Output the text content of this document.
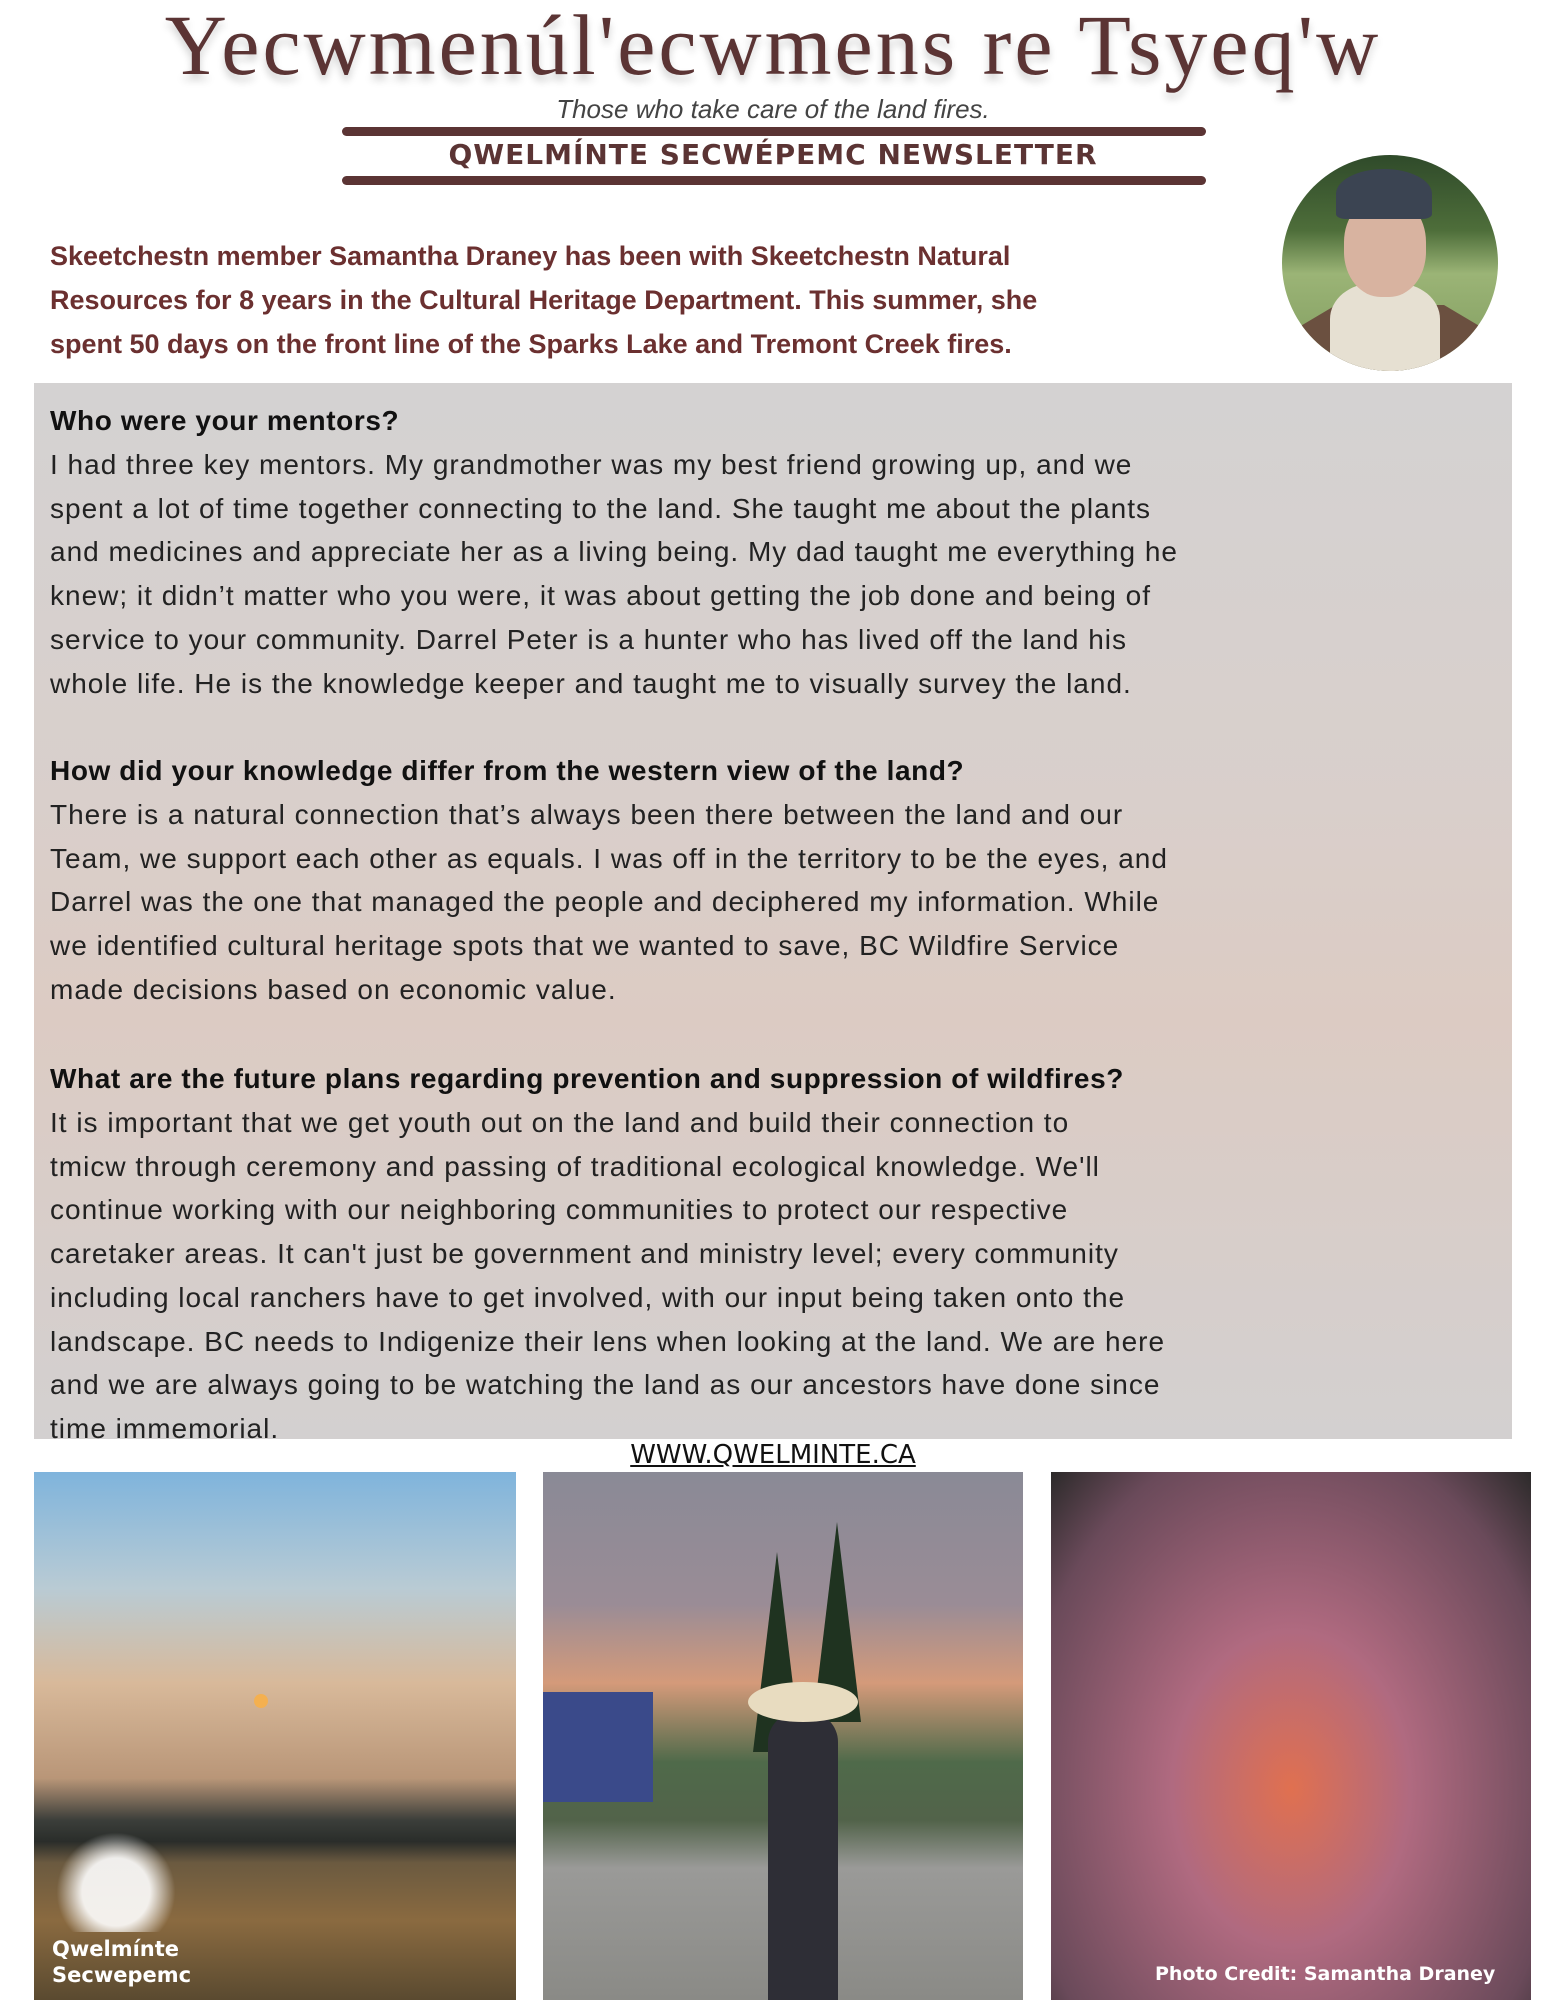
Yecwmenúl'ecwmens re Tsyeq'w
Those who take care of the land fires.
QWELMÍNTE SECWÉPEMC NEWSLETTER
Skeetchestn member Samantha Draney has been with Skeetchestn Natural
Resources for 8 years in the Cultural Heritage Department. This summer, she
spent 50 days on the front line of the Sparks Lake and Tremont Creek fires.
Who were your mentors?
I had three key mentors. My grandmother was my best friend growing up, and we
spent a lot of time together connecting to the land. She taught me about the plants
and medicines and appreciate her as a living being. My dad taught me everything he
knew; it didn’t matter who you were, it was about getting the job done and being of
service to your community. Darrel Peter is a hunter who has lived off the land his
whole life. He is the knowledge keeper and taught me to visually survey the land.
How did your knowledge differ from the western view of the land?
There is a natural connection that’s always been there between the land and our
Team, we support each other as equals. I was off in the territory to be the eyes, and
Darrel was the one that managed the people and deciphered my information. While
we identified cultural heritage spots that we wanted to save, BC Wildfire Service
made decisions based on economic value.
What are the future plans regarding prevention and suppression of wildfires?
It is important that we get youth out on the land and build their connection to
tmicw through ceremony and passing of traditional ecological knowledge. We'll
continue working with our neighboring communities to protect our respective
caretaker areas. It can't just be government and ministry level; every community
including local ranchers have to get involved, with our input being taken onto the
landscape. BC needs to Indigenize their lens when looking at the land. We are here
and we are always going to be watching the land as our ancestors have done since
time immemorial.
WWW.QWELMINTE.CA
Qwelmínte Secwepemc	Photo Credit: Samantha Draney
